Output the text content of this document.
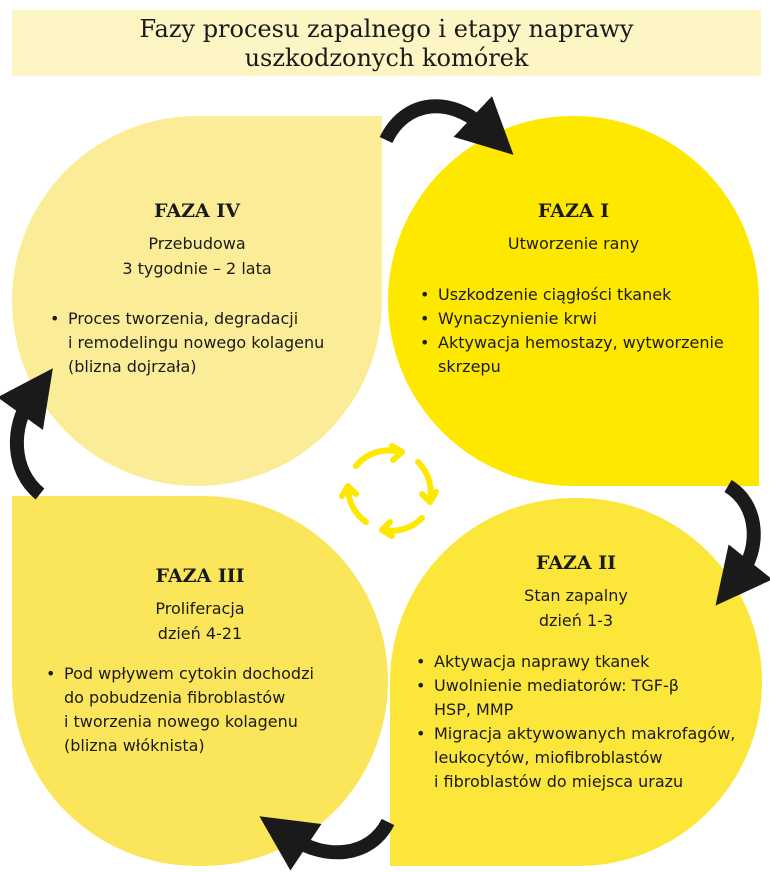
Fazy procesu zapalnego i etapy naprawy
uszkodzonych komórek
FAZA IV
Przebudowa
3 tygodnie – 2 lata
• Proces tworzenia, degradacji
i remodelingu nowego kolagenu
(blizna dojrzała)
FAZA I
Utworzenie rany
• Uszkodzenie ciągłości tkanek
• Wynaczynienie krwi
• Aktywacja hemostazy, wytworzenie
skrzepu
FAZA III
Proliferacja
dzień 4-21
• Pod wpływem cytokin dochodzi
do pobudzenia fibroblastów
i tworzenia nowego kolagenu
(blizna włóknista)
FAZA II
Stan zapalny
dzień 1-3
• Aktywacja naprawy tkanek
• Uwolnienie mediatorów: TGF-β
HSP, MMP
• Migracja aktywowanych makrofagów,
leukocytów, miofibroblastów
i fibroblastów do miejsca urazu
